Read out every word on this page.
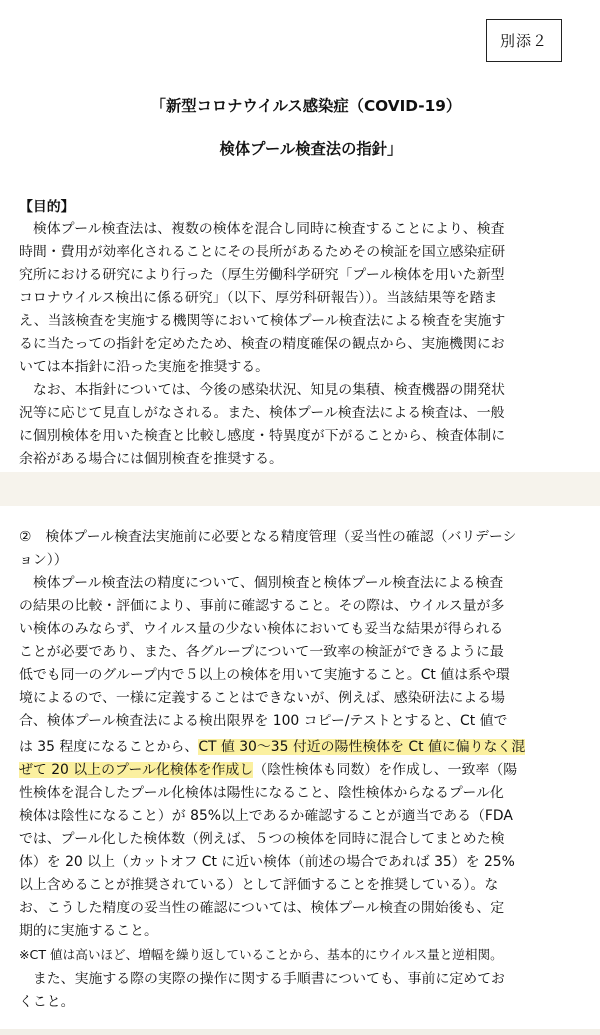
別添２
「新型コロナウイルス感染症（COVID-19）
検体プール検査法の指針」
【目的】
　検体プール検査法は、複数の検体を混合し同時に検査することにより、検査
時間・費用が効率化されることにその長所があるためその検証を国立感染症研
究所における研究により行った（厚生労働科学研究「プール検体を用いた新型
コロナウイルス検出に係る研究」（以下、厚労科研報告））。当該結果等を踏ま
え、当該検査を実施する機関等において検体プール検査法による検査を実施す
るに当たっての指針を定めたため、検査の精度確保の観点から、実施機関にお
いては本指針に沿った実施を推奨する。
　なお、本指針については、今後の感染状況、知見の集積、検査機器の開発状
況等に応じて見直しがなされる。また、検体プール検査法による検査は、一般
に個別検体を用いた検査と比較し感度・特異度が下がることから、検査体制に
余裕がある場合には個別検査を推奨する。
②　検体プール検査法実施前に必要となる精度管理（妥当性の確認（バリデーシ
ョン））
　検体プール検査法の精度について、個別検査と検体プール検査法による検査
の結果の比較・評価により、事前に確認すること。その際は、ウイルス量が多
い検体のみならず、ウイルス量の少ない検体においても妥当な結果が得られる
ことが必要であり、また、各グループについて一致率の検証ができるように最
低でも同一のグループ内で５以上の検体を用いて実施すること。Ct 値は系や環
境によるので、一様に定義することはできないが、例えば、感染研法による場
合、検体プール検査法による検出限界を 100 コピー/テストとすると、Ct 値で
は 35 程度になることから、CT 値 30～35 付近の陽性検体を Ct 値に偏りなく混
ぜて 20 以上のプール化検体を作成し（陰性検体も同数）を作成し、一致率（陽
性検体を混合したプール化検体は陽性になること、陰性検体からなるプール化
検体は陰性になること）が 85%以上であるか確認することが適当である（FDA
では、プール化した検体数（例えば、５つの検体を同時に混合してまとめた検
体）を 20 以上（カットオフ Ct に近い検体（前述の場合であれば 35）を 25%
以上含めることが推奨されている）として評価することを推奨している）。な
お、こうした精度の妥当性の確認については、検体プール検査の開始後も、定
期的に実施すること。
※CT 値は高いほど、増幅を繰り返していることから、基本的にウイルス量と逆相関。
　また、実施する際の実際の操作に関する手順書についても、事前に定めてお
くこと。
